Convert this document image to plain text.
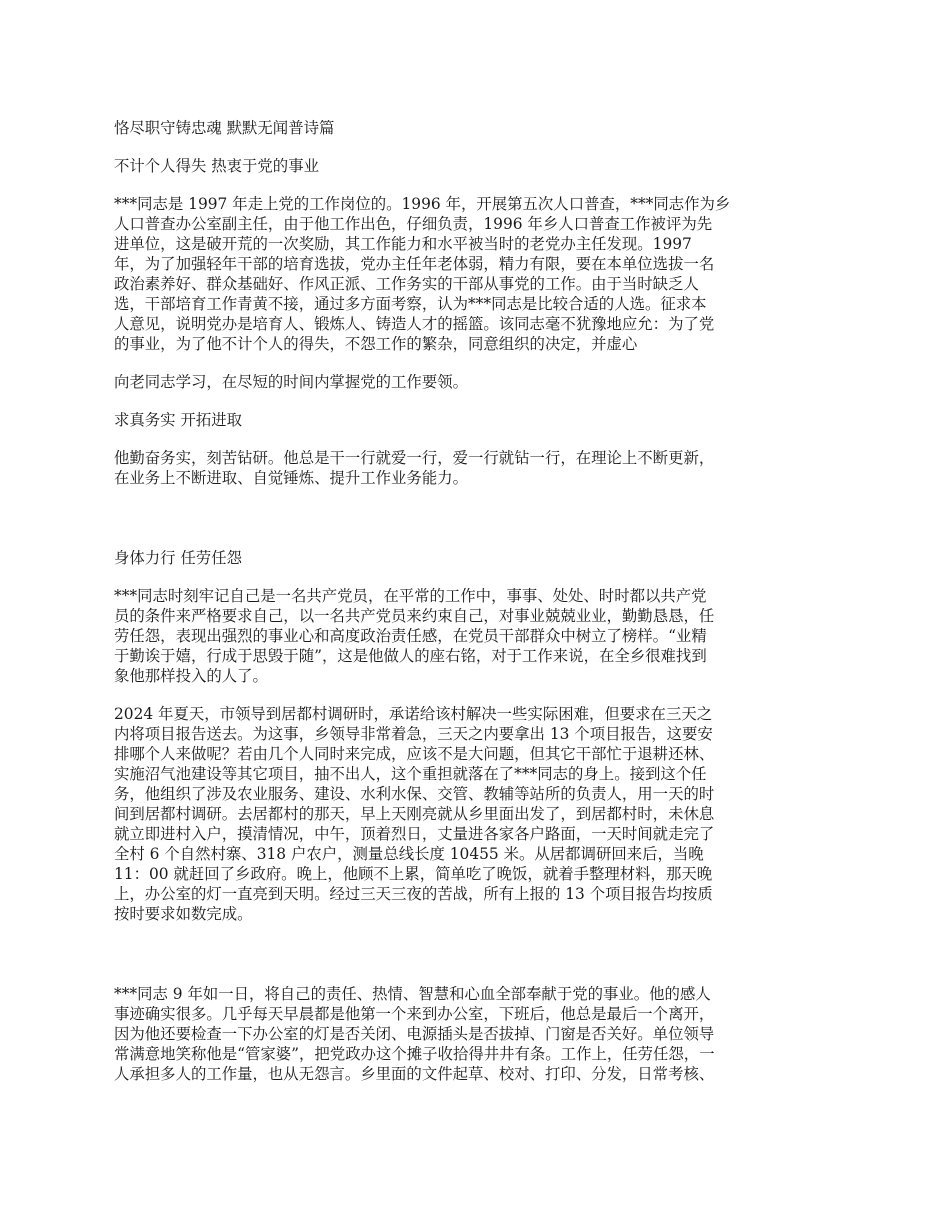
恪尽职守铸忠魂 默默无闻普诗篇

不计个人得失 热衷于党的事业

***同志是 1997 年走上党的工作岗位的。1996 年，开展第五次人口普查，***同志作为乡

人口普查办公室副主任，由于他工作出色，仔细负责，1996 年乡人口普查工作被评为先

进单位，这是破开荒的一次奖励，其工作能力和水平被当时的老党办主任发现。1997

年，为了加强轻年干部的培育选拔，党办主任年老体弱，精力有限，要在本单位选拔一名

政治素养好、群众基础好、作风正派、工作务实的干部从事党的工作。由于当时缺乏人

选，干部培育工作青黄不接，通过多方面考察，认为***同志是比较合适的人选。征求本

人意见，说明党办是培育人、锻炼人、铸造人才的摇篮。该同志毫不犹豫地应允：为了党

的事业，为了他不计个人的得失，不怨工作的繁杂，同意组织的决定，并虚心

向老同志学习，在尽短的时间内掌握党的工作要领。

求真务实 开拓进取

他勤奋务实，刻苦钻研。他总是干一行就爱一行，爱一行就钻一行，在理论上不断更新，

在业务上不断进取、自觉锤炼、提升工作业务能力。

身体力行 任劳任怨

***同志时刻牢记自己是一名共产党员，在平常的工作中，事事、处处、时时都以共产党

员的条件来严格要求自己，以一名共产党员来约束自己，对事业兢兢业业，勤勤恳恳，任

劳任怨，表现出强烈的事业心和高度政治责任感，在党员干部群众中树立了榜样。“业精

于勤诶于嬉，行成于思毁于随”，这是他做人的座右铭，对于工作来说，在全乡很难找到

象他那样投入的人了。

2024 年夏天，市领导到居都村调研时，承诺给该村解决一些实际困难，但要求在三天之

内将项目报告送去。为这事，乡领导非常着急，三天之内要拿出 13 个项目报告，这要安

排哪个人来做呢？若由几个人同时来完成，应该不是大问题，但其它干部忙于退耕还林、

实施沼气池建设等其它项目，抽不出人，这个重担就落在了***同志的身上。接到这个任

务，他组织了涉及农业服务、建设、水利水保、交管、教辅等站所的负责人，用一天的时

间到居都村调研。去居都村的那天，早上天刚亮就从乡里面出发了，到居都村时，未休息

就立即进村入户，摸清情况，中午，顶着烈日，丈量进各家各户路面，一天时间就走完了

全村 6 个自然村寨、318 户农户，测量总线长度 10455 米。从居都调研回来后，当晚

11：00 就赶回了乡政府。晚上，他顾不上累，简单吃了晚饭，就着手整理材料，那天晚

上，办公室的灯一直亮到天明。经过三天三夜的苦战，所有上报的 13 个项目报告均按质

按时要求如数完成。

***同志 9 年如一日，将自己的责任、热情、智慧和心血全部奉献于党的事业。他的感人

事迹确实很多。几乎每天早晨都是他第一个来到办公室，下班后，他总是最后一个离开，

因为他还要检查一下办公室的灯是否关闭、电源插头是否拔掉、门窗是否关好。单位领导

常满意地笑称他是“管家婆”，把党政办这个摊子收拾得井井有条。工作上，任劳任怨，一

人承担多人的工作量，也从无怨言。乡里面的文件起草、校对、打印、分发，日常考核、
